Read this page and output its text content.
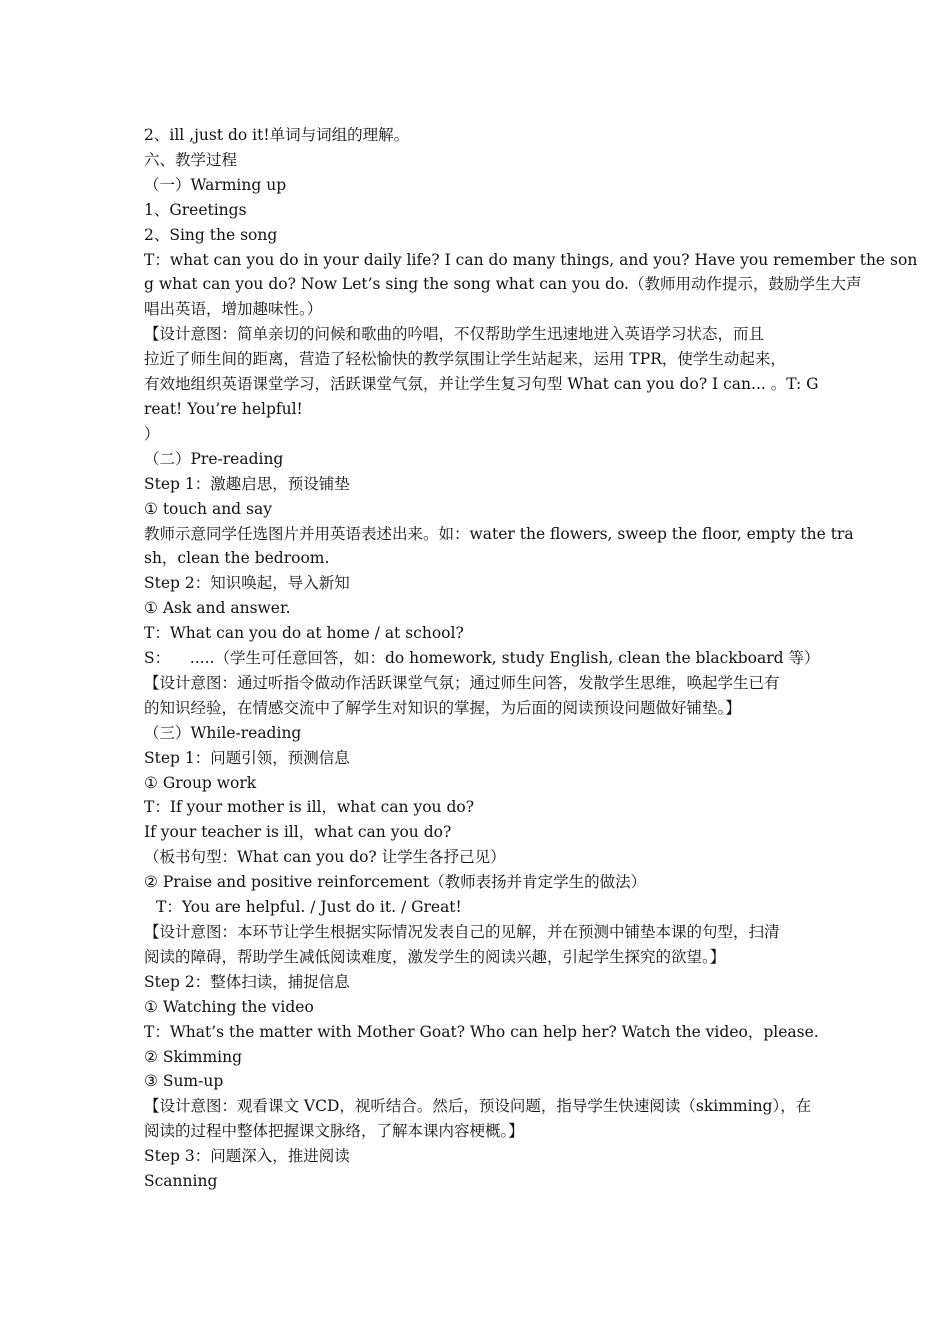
2、ill ,just do it!单词与词组的理解。
六、教学过程
（一）Warming up
1、Greetings
2、Sing the song
T：what can you do in your daily life? I can do many things, and you? Have you remember the son
g what can you do? Now Let’s sing the song what can you do.（教师用动作提示，鼓励学生大声
唱出英语，增加趣味性。）
【设计意图：简单亲切的问候和歌曲的吟唱，不仅帮助学生迅速地进入英语学习状态，而且
拉近了师生间的距离，营造了轻松愉快的教学氛围让学生站起来，运用 TPR，使学生动起来，
有效地组织英语课堂学习，活跃课堂气氛，并让学生复习句型 What can you do? I can... 。T: G
reat! You’re helpful!
）
（二）Pre-reading
Step 1：激趣启思，预设铺垫
① touch and say
教师示意同学任选图片并用英语表述出来。如：water the flowers, sweep the floor, empty the tra
sh，clean the bedroom.
Step 2：知识唤起，导入新知
① Ask and answer.
T：What can you do at home / at school?
S：    .....（学生可任意回答，如：do homework, study English, clean the blackboard 等）
【设计意图：通过听指令做动作活跃课堂气氛；通过师生问答，发散学生思维，唤起学生已有
的知识经验，在情感交流中了解学生对知识的掌握，为后面的阅读预设问题做好铺垫。】
（三）While-reading
Step 1：问题引领，预测信息
① Group work
T：If your mother is ill，what can you do?
If your teacher is ill，what can you do?
（板书句型：What can you do? 让学生各抒己见）
② Praise and positive reinforcement（教师表扬并肯定学生的做法）
T：You are helpful. / Just do it. / Great!
【设计意图：本环节让学生根据实际情况发表自己的见解，并在预测中铺垫本课的句型，扫清
阅读的障碍，帮助学生减低阅读难度，激发学生的阅读兴趣，引起学生探究的欲望。】
Step 2：整体扫读，捕捉信息
① Watching the video
T：What’s the matter with Mother Goat? Who can help her? Watch the video，please.
② Skimming
③ Sum-up
【设计意图：观看课文 VCD，视听结合。然后，预设问题，指导学生快速阅读（skimming），在
阅读的过程中整体把握课文脉络，了解本课内容梗概。】
Step 3：问题深入，推进阅读
Scanning
